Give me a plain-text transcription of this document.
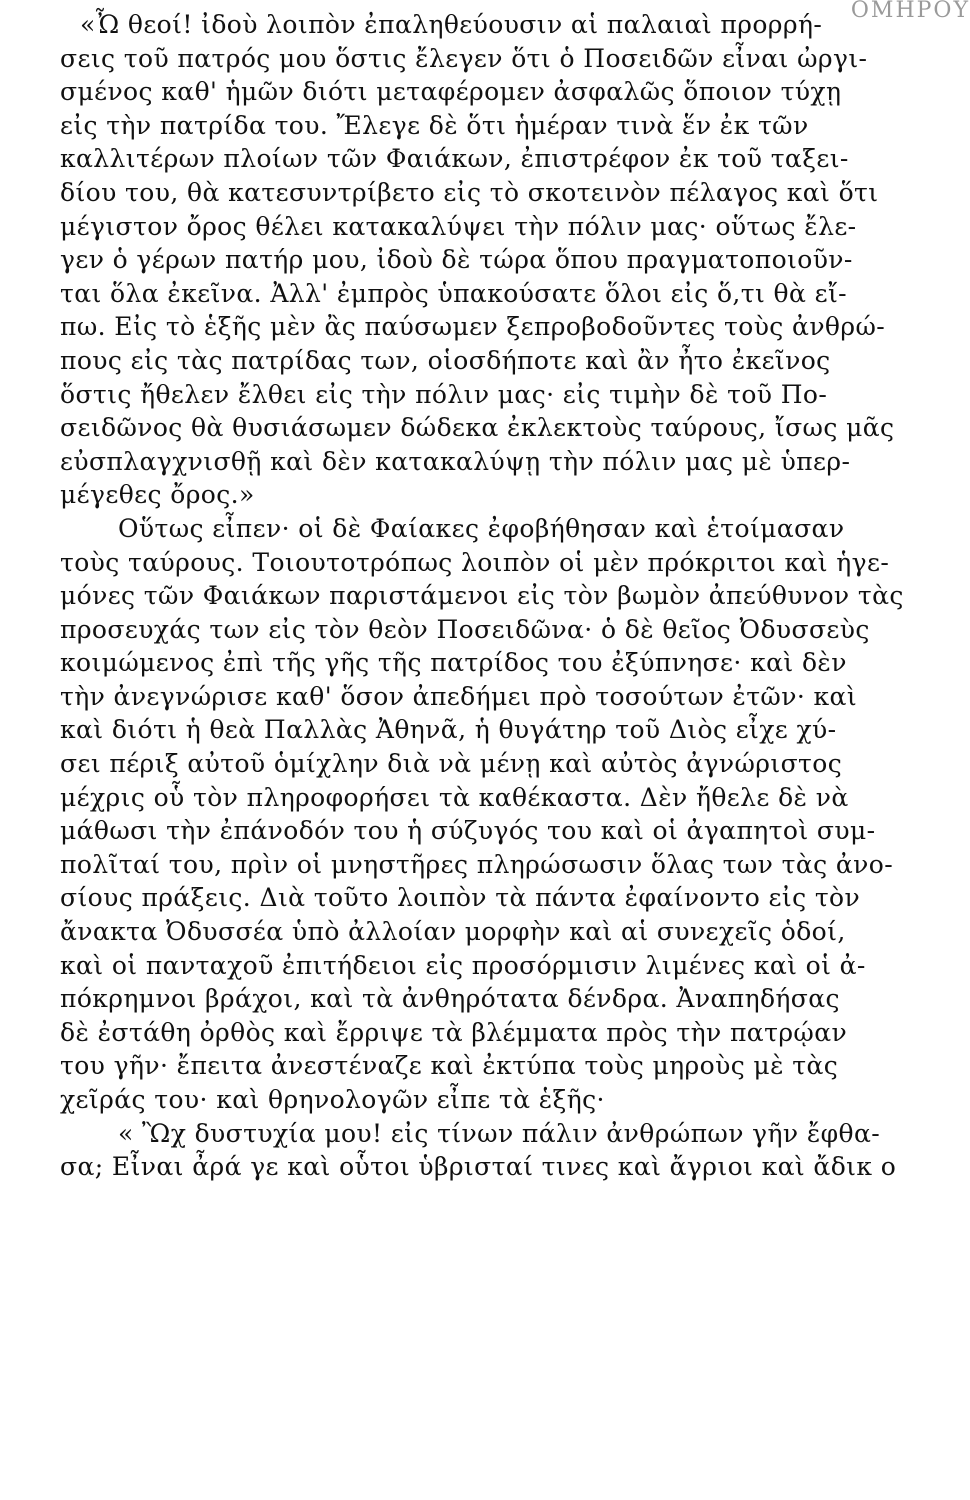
ΟΜΗΡΟΥ
«Ὦ θεοί! ἰδοὺ λοιπὸν ἐπαληθεύουσιν αἱ παλαιαὶ προρρή-
σεις τοῦ πατρός μου ὅστις ἔλεγεν ὅτι ὁ Ποσειδῶν εἶναι ὠργι-
σμένος καθ' ἡμῶν διότι μεταφέρομεν ἀσφαλῶς ὅποιον τύχῃ
εἰς τὴν πατρίδα του. Ἔλεγε δὲ ὅτι ἡμέραν τινὰ ἕν ἐκ τῶν
καλλιτέρων πλοίων τῶν Φαιάκων, ἐπιστρέφον ἐκ τοῦ ταξει-
δίου του, θὰ κατεσυντρίβετο εἰς τὸ σκοτεινὸν πέλαγος καὶ ὅτι
μέγιστον ὄρος θέλει κατακαλύψει τὴν πόλιν μας· οὕτως ἔλε-
γεν ὁ γέρων πατήρ μου, ἰδοὺ δὲ τώρα ὅπου πραγματοποιοῦν-
ται ὅλα ἐκεῖνα. Ἀλλ' ἐμπρὸς ὑπακούσατε ὅλοι εἰς ὅ,τι θὰ εἴ-
πω. Εἰς τὸ ἑξῆς μὲν ἂς παύσωμεν ξεπροβοδοῦντες τοὺς ἀνθρώ-
πους εἰς τὰς πατρίδας των, οἱοσδήποτε καὶ ἂν ἦτο ἐκεῖνος
ὅστις ἤθελεν ἔλθει εἰς τὴν πόλιν μας· εἰς τιμὴν δὲ τοῦ Πο-
σειδῶνος θὰ θυσιάσωμεν δώδεκα ἐκλεκτοὺς ταύρους, ἴσως μᾶς
εὐσπλαγχνισθῇ καὶ δὲν κατακαλύψῃ τὴν πόλιν μας μὲ ὑπερ-
μέγεθες ὄρος.»
Οὕτως εἶπεν· οἱ δὲ Φαίακες ἐφοβήθησαν καὶ ἑτοίμασαν
τοὺς ταύρους. Τοιουτοτρόπως λοιπὸν οἱ μὲν πρόκριτοι καὶ ἡγε-
μόνες τῶν Φαιάκων παριστάμενοι εἰς τὸν βωμὸν ἀπεύθυνον τὰς
προσευχάς των εἰς τὸν θεὸν Ποσειδῶνα· ὁ δὲ θεῖος Ὀδυσσεὺς
κοιμώμενος ἐπὶ τῆς γῆς τῆς πατρίδος του ἐξύπνησε· καὶ δὲν
τὴν ἀνεγνώρισε καθ' ὅσον ἀπεδήμει πρὸ τοσούτων ἐτῶν· καὶ
καὶ διότι ἡ θεὰ Παλλὰς Ἀθηνᾶ, ἡ θυγάτηρ τοῦ Διὸς εἶχε χύ-
σει πέριξ αὐτοῦ ὁμίχλην διὰ νὰ μένῃ καὶ αὐτὸς ἀγνώριστος
μέχρις οὗ τὸν πληροφορήσει τὰ καθέκαστα. Δὲν ἤθελε δὲ νὰ
μάθωσι τὴν ἐπάνοδόν του ἡ σύζυγός του καὶ οἱ ἀγαπητοὶ συμ-
πολῖταί του, πρὶν οἱ μνηστῆρες πληρώσωσιν ὅλας των τὰς ἀνο-
σίους πράξεις. Διὰ τοῦτο λοιπὸν τὰ πάντα ἐφαίνοντο εἰς τὸν
ἄνακτα Ὀδυσσέα ὑπὸ ἀλλοίαν μορφὴν καὶ αἱ συνεχεῖς ὁδοί,
καὶ οἱ πανταχοῦ ἐπιτήδειοι εἰς προσόρμισιν λιμένες καὶ οἱ ἀ-
πόκρημνοι βράχοι, καὶ τὰ ἀνθηρότατα δένδρα. Ἀναπηδήσας
δὲ ἐστάθη ὀρθὸς καὶ ἔρριψε τὰ βλέμματα πρὸς τὴν πατρῴαν
του γῆν· ἔπειτα ἀνεστέναζε καὶ ἐκτύπα τοὺς μηροὺς μὲ τὰς
χεῖράς του· καὶ θρηνολογῶν εἶπε τὰ ἑξῆς·
« Ὢχ δυστυχία μου! εἰς τίνων πάλιν ἀνθρώπων γῆν ἔφθα-
σα; Εἶναι ἆρά γε καὶ οὗτοι ὑβρισταί τινες καὶ ἄγριοι καὶ ἄδικ ο
